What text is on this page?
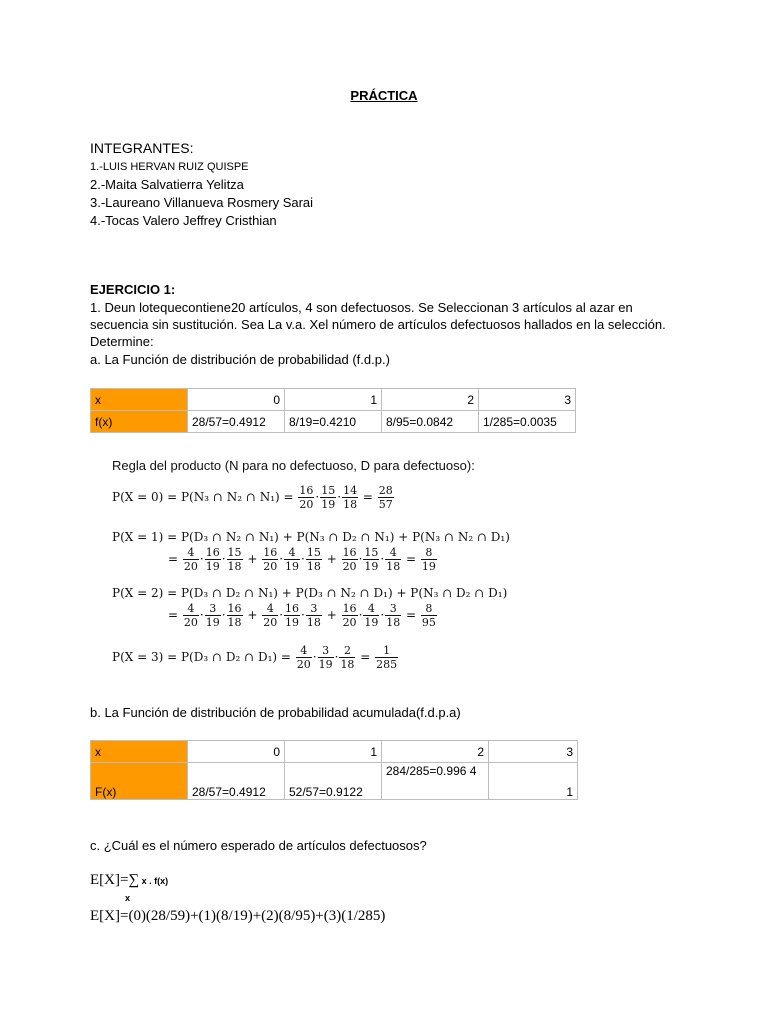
PRÁCTICA
INTEGRANTES:
1.-LUIS HERVAN RUIZ QUISPE
2.-Maita Salvatierra Yelitza
3.-Laureano Villanueva Rosmery Sarai
4.-Tocas Valero Jeffrey Cristhian
EJERCICIO 1:
1. Deun lotequecontiene20 artículos, 4 son defectuosos. Se Seleccionan 3 artículos al azar en secuencia sin sustitución. Sea La v.a. Xel número de artículos defectuosos hallados en la selección. Determine:
a. La Función de distribución de probabilidad (f.d.p.)
x	0	1	2	3
f(x)	28/57=0.4912	8/19=0.4210	8/95=0.0842	1/285=0.0035
Regla del producto (N para no defectuoso, D para defectuoso):
P(X = 0) = P(N₃ ∩ N₂ ∩ $N_1) = \frac{16}{20} \cdot \frac{15}{19} \cdot \frac{14}{18} = \frac{28}{57}$
P(X = 1) = P(D₃ ∩ N₂ ∩ N₁) + P(N₃ ∩ D₂ ∩ N₁) + P(N₃ ∩ N₂ ∩ D₁)
= $\frac{4}{20} \cdot \frac{16}{19} \cdot \frac{15}{18} + \frac{16}{20} \cdot \frac{4}{19} \cdot \frac{15}{18} + \frac{16}{20} \cdot \frac{15}{19} \cdot \frac{4}{18} = \frac{8}{19}$
P(X = 2) = P(D₃ ∩ D₂ ∩ N₁) + P(D₃ ∩ N₂ ∩ D₁) + P(N₃ ∩ D₂ ∩ D₁)
= $\frac{4}{20} \cdot \frac{3}{19} \cdot \frac{16}{18} + \frac{4}{20} \cdot \frac{16}{19} \cdot \frac{3}{18} + \frac{16}{20} \cdot \frac{4}{19} \cdot \frac{3}{18} = \frac{8}{95}$
P(X = 3) = P(D₃ ∩ D₂ ∩ $D_1) = \frac{4}{20} \cdot \frac{3}{19} \cdot \frac{2}{18} = \frac{1}{285}$
b. La Función de distribución de probabilidad acumulada(f.d.p.a)
x	0	1	2	3
F(x)	28/57=0.4912	52/57=0.9122	284/285=0.996 4	1
c. ¿Cuál es el número esperado de artículos defectuosos?
E[X]=∑ x . f(x)
x
E[X]=(0)(28/59)+(1)(8/19)+(2)(8/95)+(3)(1/285)
